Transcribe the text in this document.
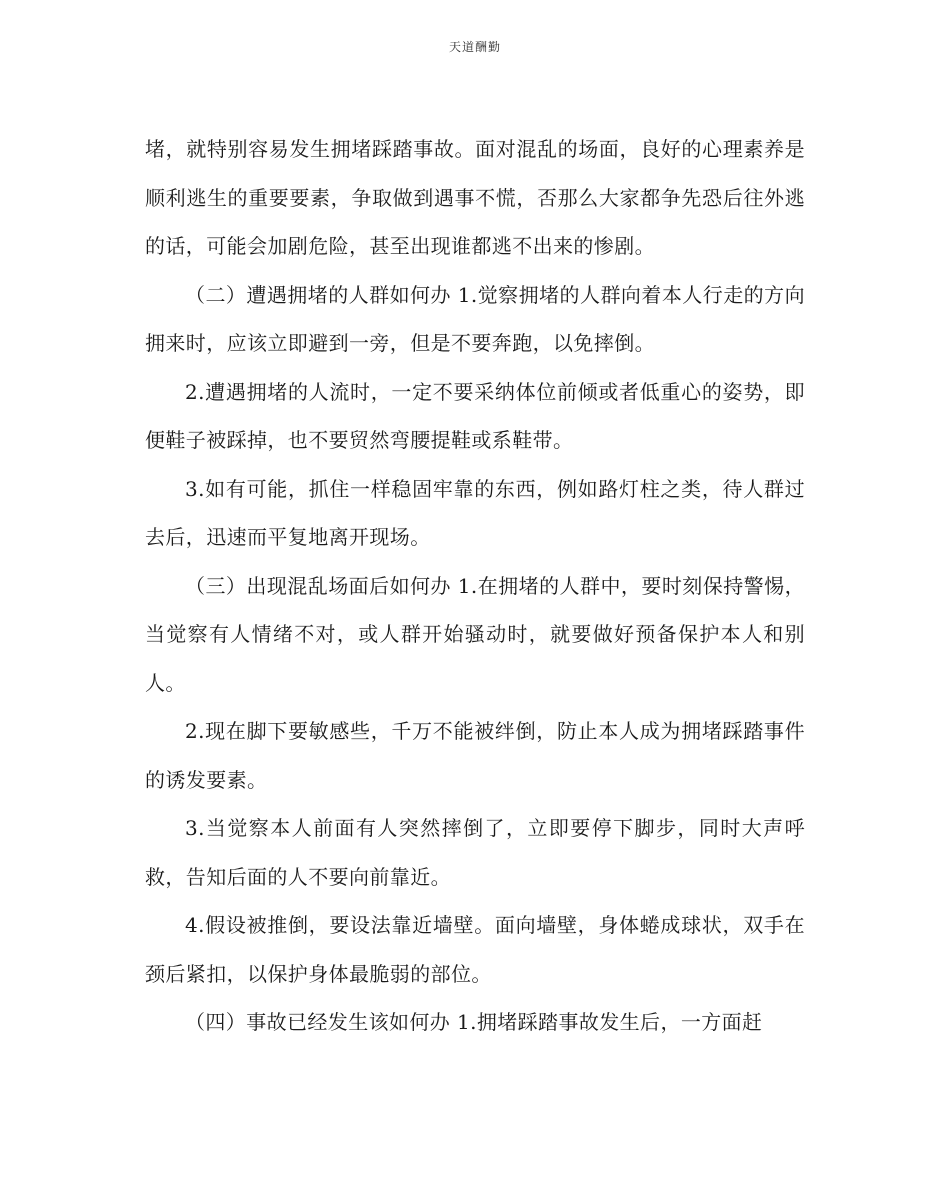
天道酬勤

堵，就特别容易发生拥堵踩踏事故。面对混乱的场面，良好的心理素养是顺利逃生的重要要素，争取做到遇事不慌，否那么大家都争先恐后往外逃的话，可能会加剧危险，甚至出现谁都逃不出来的惨剧。

（二）遭遇拥堵的人群如何办 1.觉察拥堵的人群向着本人行走的方向拥来时，应该立即避到一旁，但是不要奔跑，以免摔倒。

2.遭遇拥堵的人流时，一定不要采纳体位前倾或者低重心的姿势，即便鞋子被踩掉，也不要贸然弯腰提鞋或系鞋带。

3.如有可能，抓住一样稳固牢靠的东西，例如路灯柱之类，待人群过去后，迅速而平复地离开现场。

（三）出现混乱场面后如何办 1.在拥堵的人群中，要时刻保持警惕，当觉察有人情绪不对，或人群开始骚动时，就要做好预备保护本人和别人。

2.现在脚下要敏感些，千万不能被绊倒，防止本人成为拥堵踩踏事件的诱发要素。

3.当觉察本人前面有人突然摔倒了，立即要停下脚步，同时大声呼救，告知后面的人不要向前靠近。

4.假设被推倒，要设法靠近墙壁。面向墙壁，身体蜷成球状，双手在颈后紧扣，以保护身体最脆弱的部位。

（四）事故已经发生该如何办 1.拥堵踩踏事故发生后，一方面赶
